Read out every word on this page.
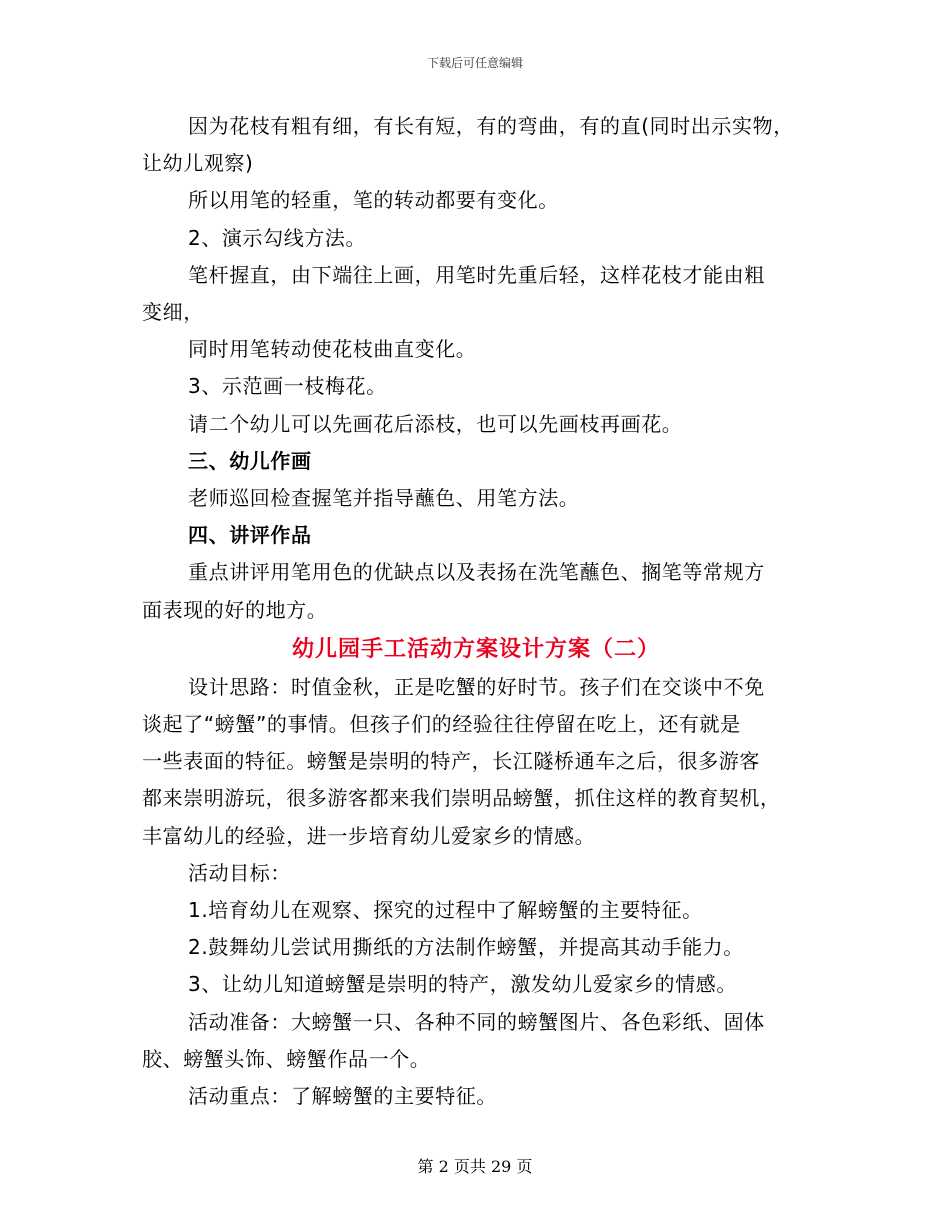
下载后可任意编辑

因为花枝有粗有细，有长有短，有的弯曲，有的直(同时出示实物，

让幼儿观察)

所以用笔的轻重，笔的转动都要有变化。

2、演示勾线方法。

笔杆握直，由下端往上画，用笔时先重后轻，这样花枝才能由粗

变细，

同时用笔转动使花枝曲直变化。

3、示范画一枝梅花。

请二个幼儿可以先画花后添枝，也可以先画枝再画花。

三、幼儿作画

老师巡回检查握笔并指导蘸色、用笔方法。

四、讲评作品

重点讲评用笔用色的优缺点以及表扬在洗笔蘸色、搁笔等常规方

面表现的好的地方。

幼儿园手工活动方案设计方案（二）

设计思路：时值金秋，正是吃蟹的好时节。孩子们在交谈中不免

谈起了“螃蟹”的事情。但孩子们的经验往往停留在吃上，还有就是

一些表面的特征。螃蟹是崇明的特产，长江隧桥通车之后，很多游客

都来崇明游玩，很多游客都来我们崇明品螃蟹，抓住这样的教育契机，

丰富幼儿的经验，进一步培育幼儿爱家乡的情感。

活动目标：

1.培育幼儿在观察、探究的过程中了解螃蟹的主要特征。

2.鼓舞幼儿尝试用撕纸的方法制作螃蟹，并提高其动手能力。

3、让幼儿知道螃蟹是崇明的特产，激发幼儿爱家乡的情感。

活动准备：大螃蟹一只、各种不同的螃蟹图片、各色彩纸、固体

胶、螃蟹头饰、螃蟹作品一个。

活动重点：了解螃蟹的主要特征。

第 2 页共 29 页
